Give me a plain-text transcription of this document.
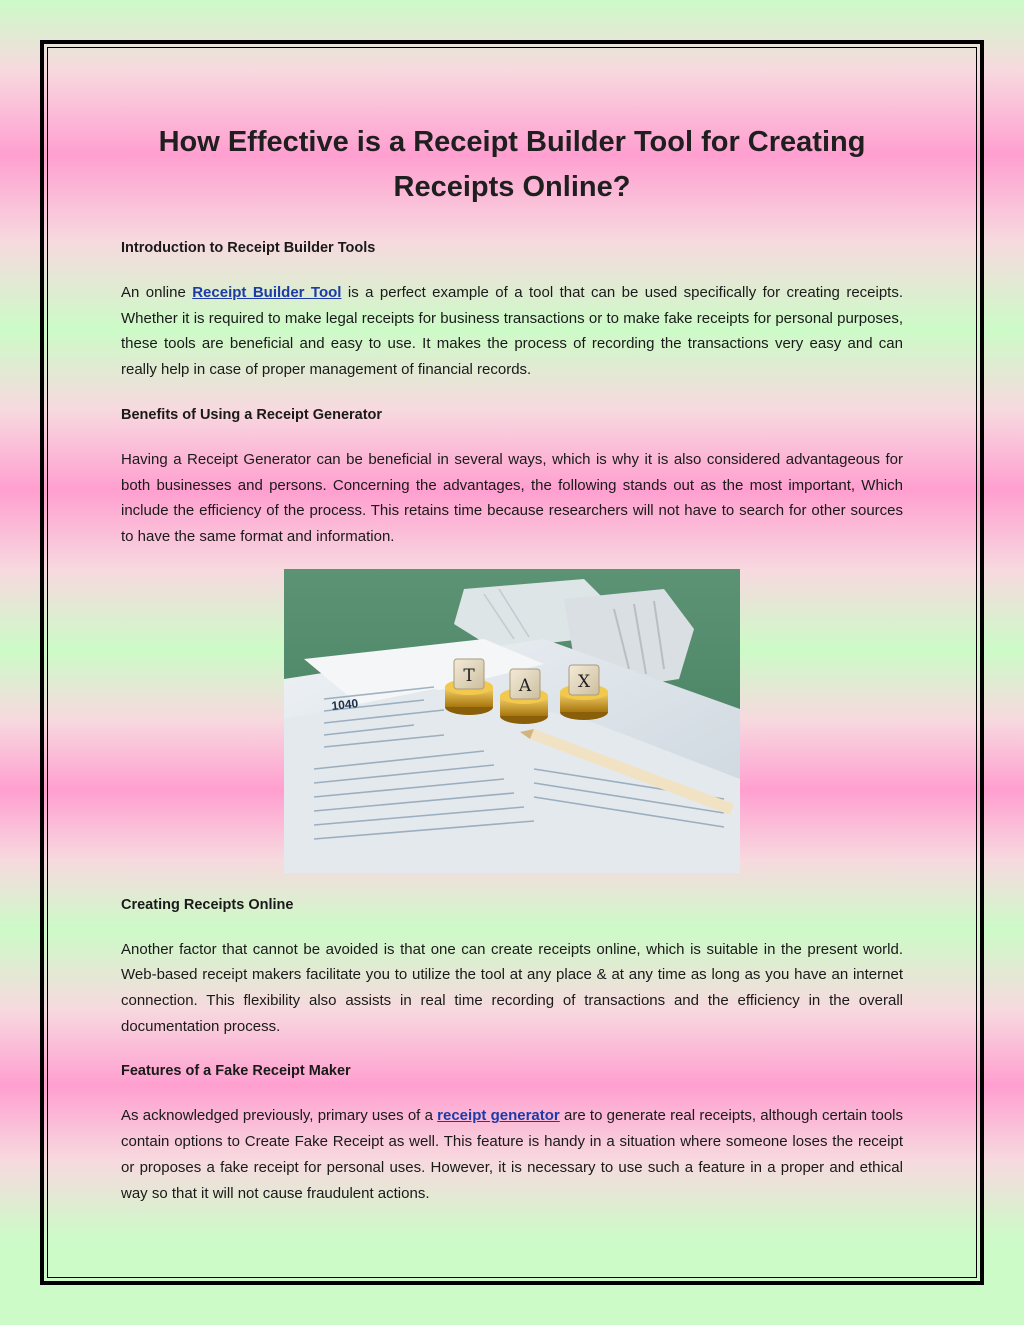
How Effective is a Receipt Builder Tool for Creating Receipts Online?
Introduction to Receipt Builder Tools

An online Receipt Builder Tool is a perfect example of a tool that can be used specifically for creating receipts. Whether it is required to make legal receipts for business transactions or to make fake receipts for personal purposes, these tools are beneficial and easy to use. It makes the process of recording the transactions very easy and can really help in case of proper management of financial records.

Benefits of Using a Receipt Generator

Having a Receipt Generator can be beneficial in several ways, which is why it is also considered advantageous for both businesses and persons. Concerning the advantages, the following stands out as the most important, Which include the efficiency of the process. This retains time because researchers will not have to search for other sources to have the same format and information.

1040
T	A	X
Creating Receipts Online

Another factor that cannot be avoided is that one can create receipts online, which is suitable in the present world. Web-based receipt makers facilitate you to utilize the tool at any place & at any time as long as you have an internet connection. This flexibility also assists in real time recording of transactions and the efficiency in the overall documentation process.

Features of a Fake Receipt Maker

As acknowledged previously, primary uses of a receipt generator are to generate real receipts, although certain tools contain options to Create Fake Receipt as well. This feature is handy in a situation where someone loses the receipt or proposes a fake receipt for personal uses. However, it is necessary to use such a feature in a proper and ethical way so that it will not cause fraudulent actions.
